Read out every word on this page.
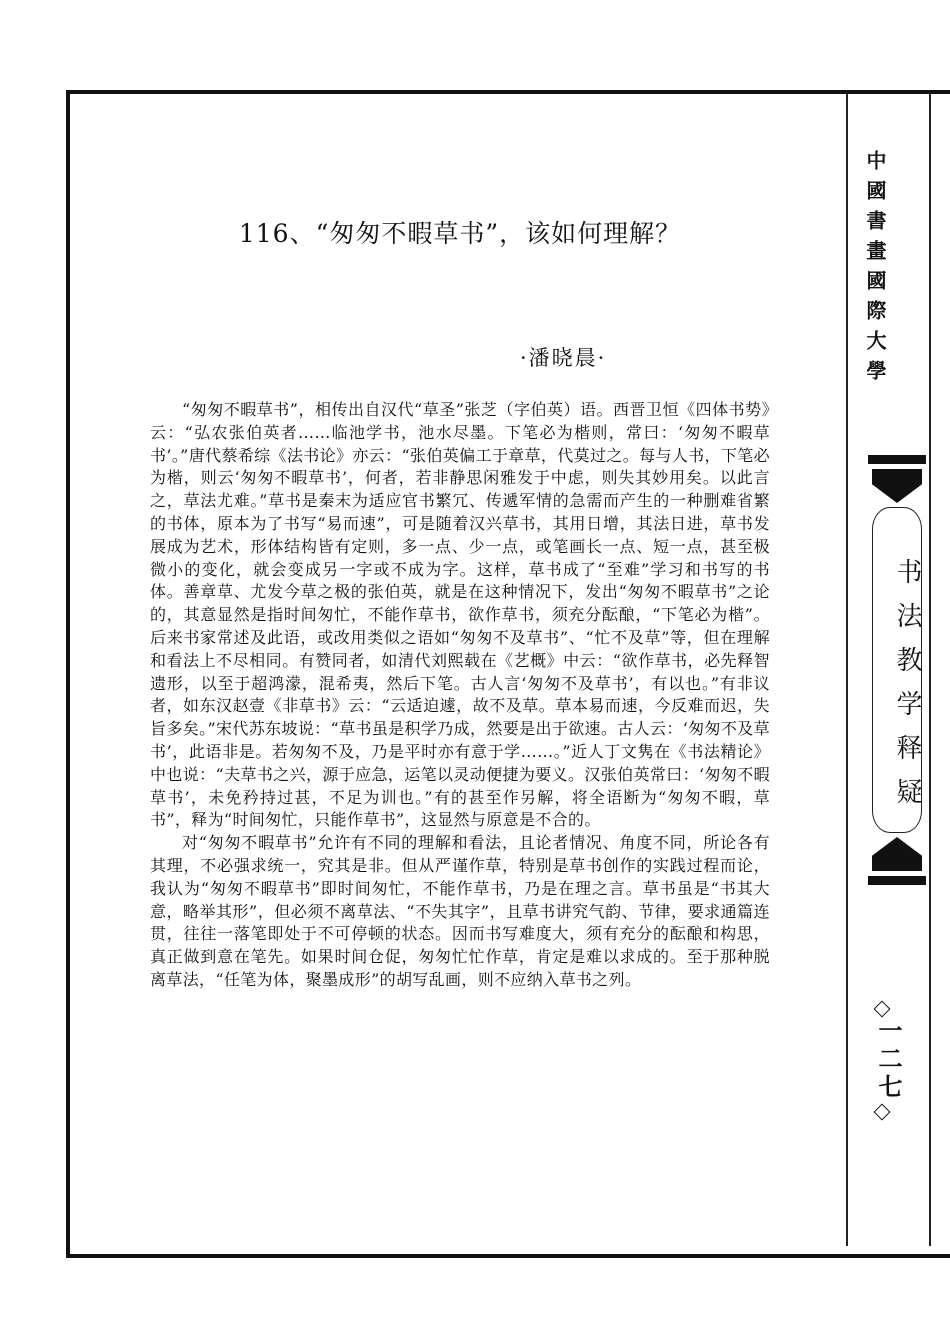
116、“匆匆不暇草书”，该如何理解？
·潘晓晨·

“匆匆不暇草书”，相传出自汉代“草圣”张芝（字伯英）语。西晋卫恒《四体书势》云：“弘农张伯英者……临池学书，池水尽墨。下笔必为楷则，常曰：‘匆匆不暇草书’。”唐代蔡希综《法书论》亦云：“张伯英偏工于章草，代莫过之。每与人书，下笔必为楷，则云‘匆匆不暇草书’，何者，若非静思闲雅发于中虑，则失其妙用矣。以此言之，草法尤难。”草书是秦末为适应官书繁冗、传遞军情的急需而产生的一种删难省繁的书体，原本为了书写“易而速”，可是随着汉兴草书，其用日增，其法日进，草书发展成为艺术，形体结构皆有定则，多一点、少一点，或笔画长一点、短一点，甚至极微小的变化，就会变成另一字或不成为字。这样，草书成了“至难”学习和书写的书体。善章草、尤发今草之极的张伯英，就是在这种情况下，发出“匆匆不暇草书”之论的，其意显然是指时间匆忙，不能作草书，欲作草书，须充分酝酿，“下笔必为楷”。后来书家常述及此语，或改用类似之语如“匆匆不及草书”、“忙不及草”等，但在理解和看法上不尽相同。有赞同者，如清代刘熙载在《艺概》中云：“欲作草书，必先释智遗形，以至于超鸿濛，混希夷，然后下笔。古人言‘匆匆不及草书’，有以也。”有非议者，如东汉赵壹《非草书》云：“云适迫遽，故不及草。草本易而速，今反难而迟，失旨多矣。”宋代苏东坡说：“草书虽是积学乃成，然要是出于欲速。古人云：‘匆匆不及草书’，此语非是。若匆匆不及，乃是平时亦有意于学……。”近人丁文隽在《书法精论》中也说：“夫草书之兴，源于应急，运笔以灵动便捷为要义。汉张伯英常曰：‘匆匆不暇草书’，未免矜持过甚，不足为训也。”有的甚至作另解，将全语断为“匆匆不暇，草书”，释为“时间匆忙，只能作草书”，这显然与原意是不合的。

对“匆匆不暇草书”允许有不同的理解和看法，且论者情况、角度不同，所论各有其理，不必强求统一，究其是非。但从严谨作草，特别是草书创作的实践过程而论，我认为“匆匆不暇草书”即时间匆忙，不能作草书，乃是在理之言。草书虽是“书其大意，略举其形”，但必须不离草法、“不失其字”，且草书讲究气韵、节律，要求通篇连贯，往往一落笔即处于不可停顿的状态。因而书写难度大，须有充分的酝酿和构思，真正做到意在笔先。如果时间仓促，匆匆忙忙作草，肯定是难以求成的。至于那种脱离草法，“任笔为体，聚墨成形”的胡写乱画，则不应纳入草书之列。

中國書畫國際大學
书法教学释疑
一二七
